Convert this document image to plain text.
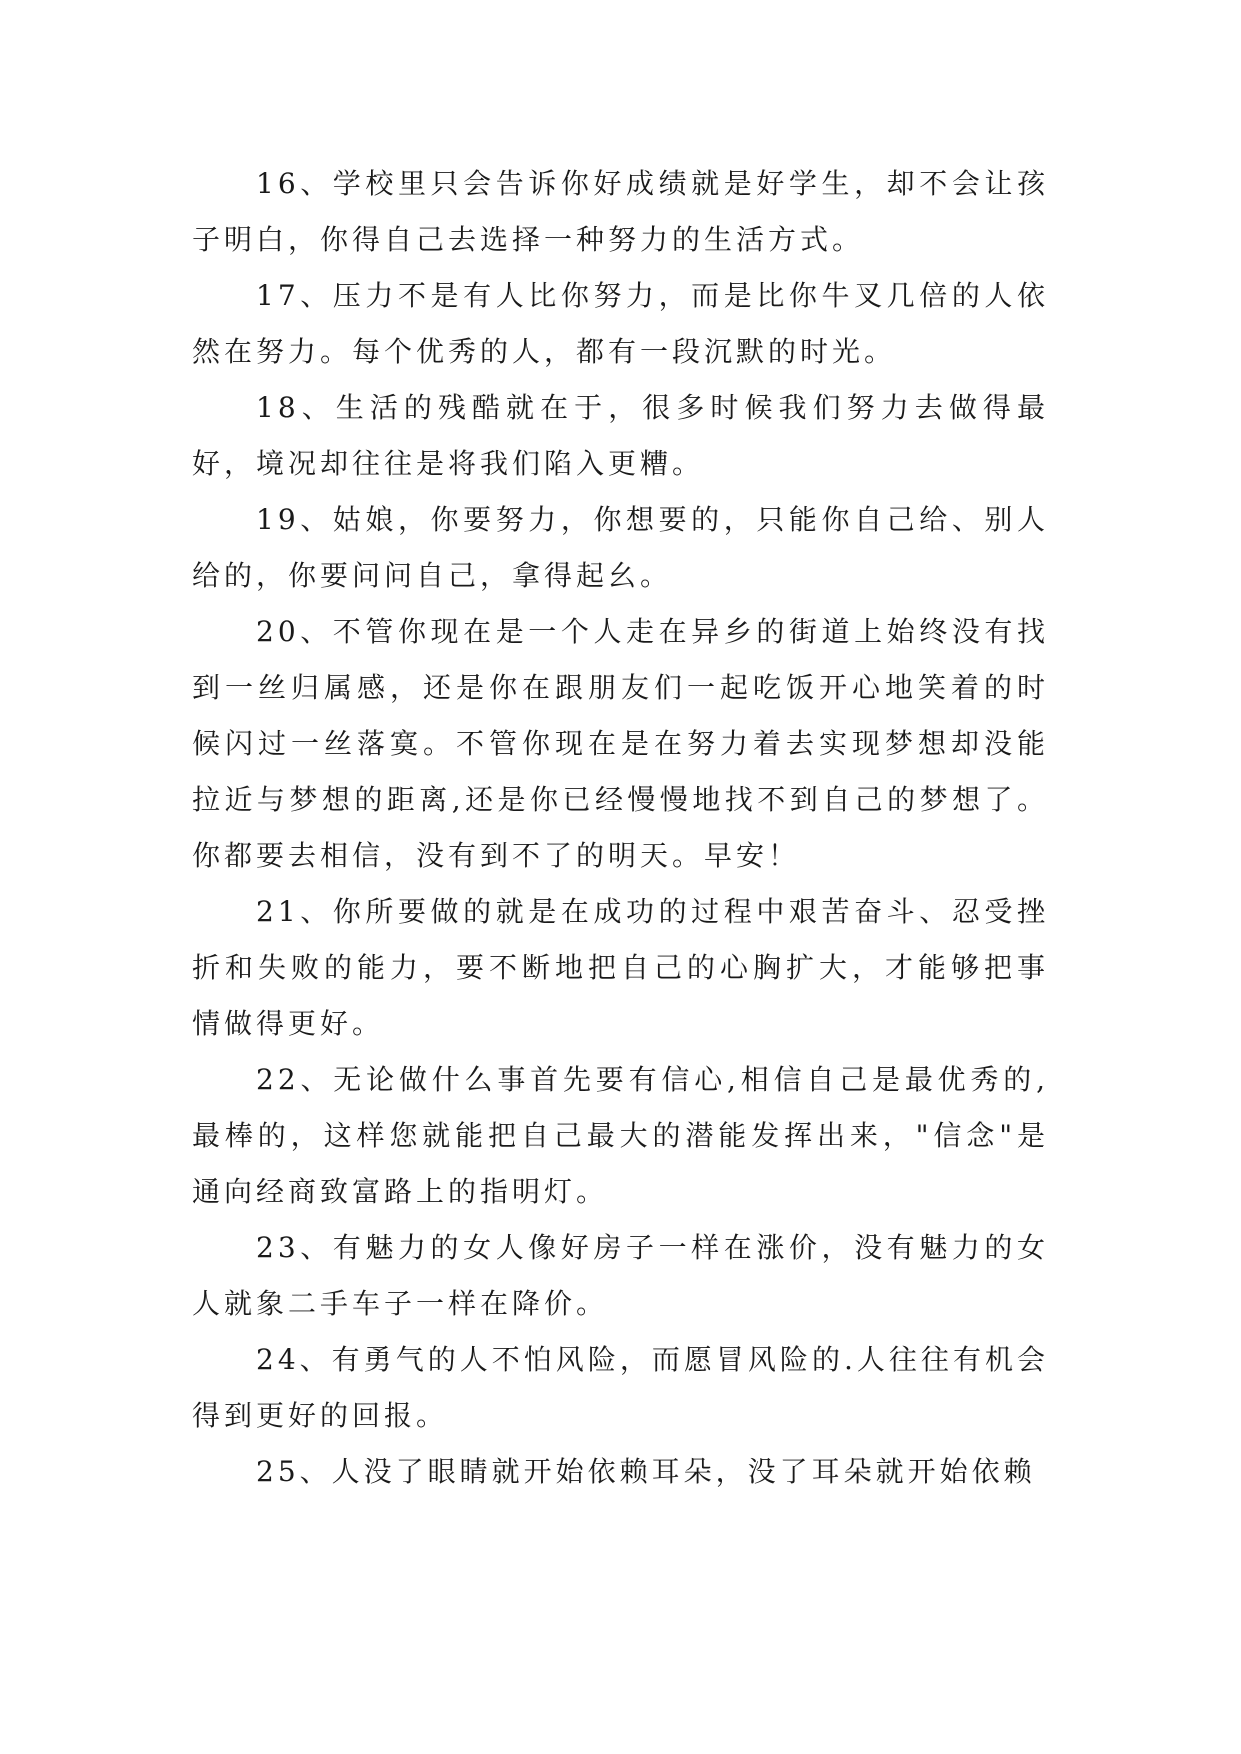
16、学校里只会告诉你好成绩就是好学生，却不会让孩子明白，你得自己去选择一种努力的生活方式。

17、压力不是有人比你努力，而是比你牛叉几倍的人依然在努力。每个优秀的人，都有一段沉默的时光。

18、生活的残酷就在于，很多时候我们努力去做得最好，境况却往往是将我们陷入更糟。

19、姑娘，你要努力，你想要的，只能你自己给、别人给的，你要问问自己，拿得起幺。

20、不管你现在是一个人走在异乡的街道上始终没有找到一丝归属感，还是你在跟朋友们一起吃饭开心地笑着的时候闪过一丝落寞。不管你现在是在努力着去实现梦想却没能拉近与梦想的距离,还是你已经慢慢地找不到自己的梦想了。你都要去相信，没有到不了的明天。早安！

21、你所要做的就是在成功的过程中艰苦奋斗、忍受挫折和失败的能力，要不断地把自己的心胸扩大，才能够把事情做得更好。

22、无论做什么事首先要有信心,相信自己是最优秀的,最棒的，这样您就能把自己最大的潜能发挥出来，"信念"是通向经商致富路上的指明灯。

23、有魅力的女人像好房子一样在涨价，没有魅力的女人就象二手车子一样在降价。

24、有勇气的人不怕风险，而愿冒风险的.人往往有机会得到更好的回报。

25、人没了眼睛就开始依赖耳朵，没了耳朵就开始依赖
